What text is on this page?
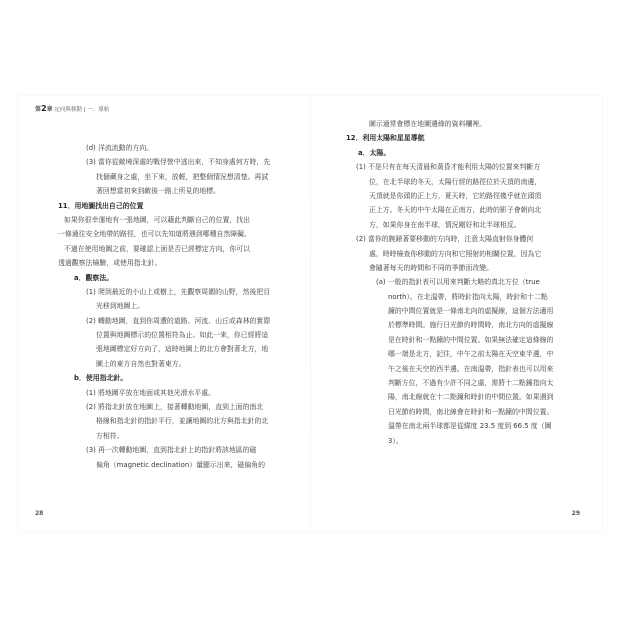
第2章 定向與移動 | 一．導航
(d) 洋流流動的方向。
(3) 當你從敵境深處的戰俘營中逃出來，不知身處何方時，先
找個藏身之處，坐下來，放輕，把整個情況想清楚。再試
著回想當初來到敵後一路上所見的地標。
11．用地圖找出自己的位置
如果你很幸運地有一張地圖，可以藉此判斷自己的位置，找出
一條通往安全地帶的路徑，也可以先知道將遇到哪種自然障礙。
不過在使用地圖之前，要確認上面是否已經標定方向，你可以
透過觀察法檢驗，或使用指北針。
a．觀察法。
(1) 爬到最近的小山上或樹上，先觀察周圍的山野，然後把目
光移到地圖上。
(2) 轉動地圖，直到你周遭的道路、河流、山丘或森林的實際
位置與地圖標示的位置相符為止。如此一來，你已經將這
張地圖標定好方向了，這時地圖上的北方會對著北方，地
圖上的東方自然也對著東方。
b．使用指北針。
(1) 將地圖平放在地面或其他光滑水平處。
(2) 將指北針放在地圖上，接著轉動地圖，直到上面的南北
格線和指北針的指針平行，並讓地圖的北方與指北針的北
方相符。
(3) 再一次轉動地圖，直到指北針上的指針將該地區的磁
偏角（magnetic declination）量顯示出來，磁偏角的
28
圖示通常會標在地圖邊緣的資料欄裡。
12．利用太陽和星星導航
a．太陽。
(1) 不是只有在每天清晨和黃昏才能利用太陽的位置來判斷方
位，在北半球的冬天，太陽行經的路徑位於天頂的南邊，
天頂就是你頭的正上方，夏天時，它的路徑幾乎就在頭頂
正上方。冬天的中午太陽在正南方，此時的影子會朝向北
方，如果你身在南半球，情況剛好和北半球相反。
(2) 當你的腕錶著要移動的方向時，注意太陽直射你身體何
處，時時檢查你移動的方向和它照射的相關位置，因為它
會隨著每天的時間和不同的季節而改變。
(a) 一般的指針表可以用來判斷大略的真北方位（true
north）。在北溫帶，將時針指向太陽，時針和十二點
鐘的中間位置就是一條南北向的虛擬線，這個方法適用
於標準時間。施行日光節約時間時，南北方向的虛擬線
是在時針和一點鐘的中間位置。如果無法確定這條線的
哪一端是北方，記住，中午之前太陽在天空東半邊，中
午之後在天空的西半邊。在南溫帶，指針表也可以用來
判斷方位，不過有少許不同之處，需將十二點鐘指向太
陽，南北線就在十二點鐘和時針的中間位置。如果遇到
日光節約時間，南北線會在時針和一點鐘的中間位置。
溫帶在南北兩半球都是從緯度 23.5 度到 66.5 度（圖
3）。
29
